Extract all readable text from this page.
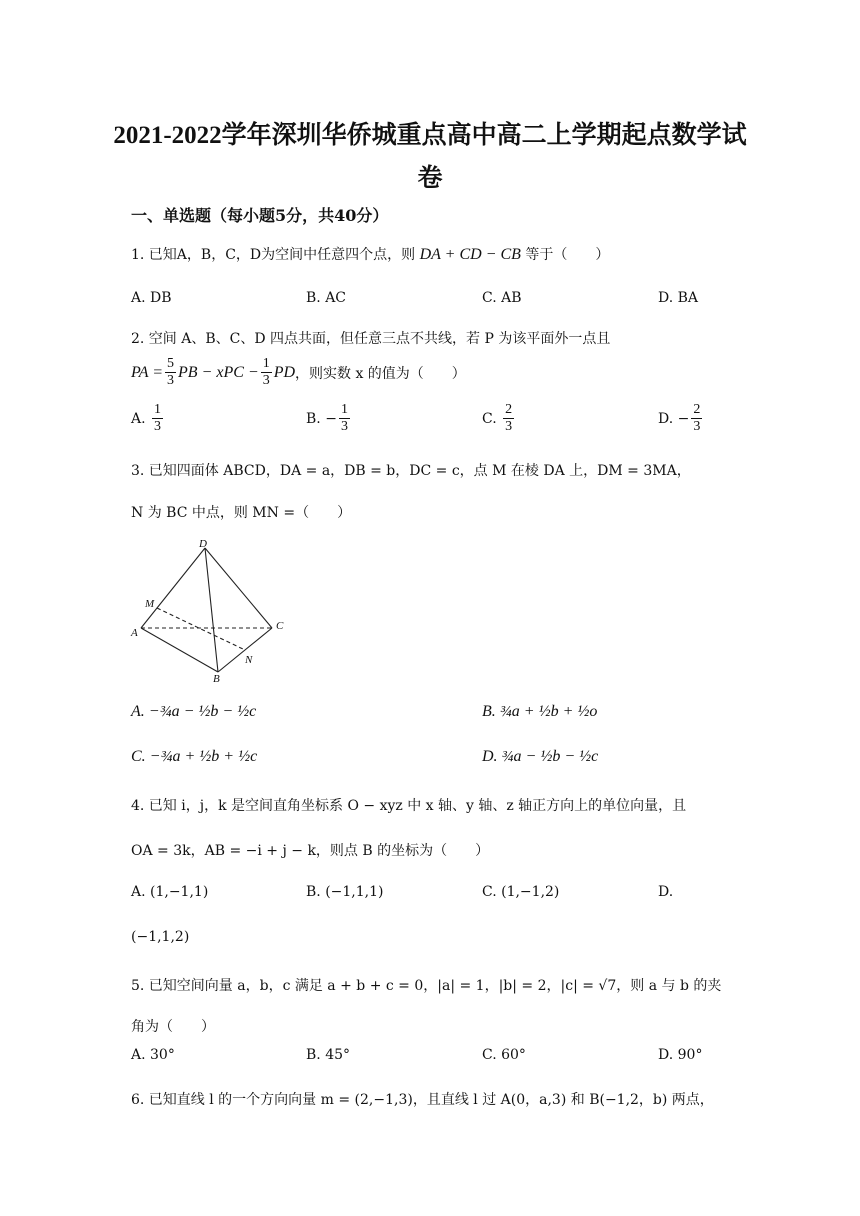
2021-2022学年深圳华侨城重点高中高二上学期起点数学试
卷
一、单选题（每小题5分，共40分）
1. 已知A，B，C，D为空间中任意四个点，则 DA + CD − CB 等于（　　）
A. DB	B. AC	C. AB	D. BA
2. 空间 A、B、C、D 四点共面，但任意三点不共线，若 P 为该平面外一点且
PA = $\frac{5}{3}$ PB − xPC − $\frac{1}{3}$ PD ，则实数 x 的值为（　　）
A.
$\frac{1}{3}$	B.
− $\frac{1}{3}$	C.
$\frac{2}{3}$	D.
− $\frac{2}{3}$
3. 已知四面体 ABCD，DA = a，DB = b，DC = c，点 M 在棱 DA 上，DM = 3MA，
N 为 BC 中点，则 MN =（　　）
D
M
A
C
N
B
A. −¾a − ½b − ½c	B. ¾a + ½b + ½o
C. −¾a + ½b + ½c	D. ¾a − ½b − ½c
4. 已知 i，j，k 是空间直角坐标系 O − xyz 中 x 轴、y 轴、z 轴正方向上的单位向量，且
OA = 3k，AB = −i + j − k，则点 B 的坐标为（　　）
A. (1,−1,1)	B. (−1,1,1)	C. (1,−1,2)	D.
(−1,1,2)
5. 已知空间向量 a，b，c 满足 a + b + c = 0，|a| = 1，|b| = 2，|c| = √7，则 a 与 b 的夹
角为（　　）
A. 30°	B. 45°	C. 60°	D. 90°
6. 已知直线 l 的一个方向向量 m = (2,−1,3)，且直线 l 过 A(0，a,3) 和 B(−1,2，b) 两点，
